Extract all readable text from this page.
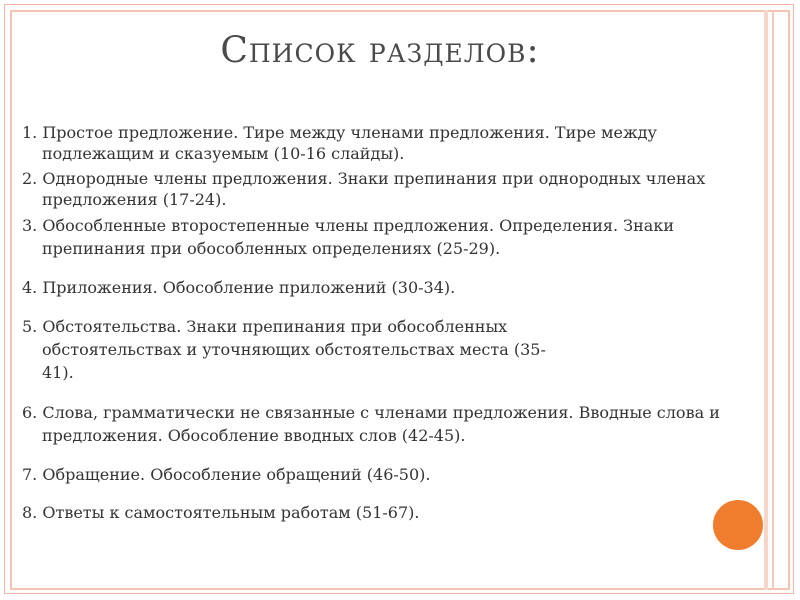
Список разделов:

1. Простое предложение. Тире между членами предложения. Тире между подлежащим и сказуемым (10-16 слайды).

2. Однородные члены предложения. Знаки препинания при однородных членах предложения (17-24).

3. Обособленные второстепенные члены предложения. Определения. Знаки препинания при обособленных определениях (25-29).

4. Приложения. Обособление приложений (30-34).

5. Обстоятельства. Знаки препинания при обособленных обстоятельствах и уточняющих обстоятельствах места (35-41).

6. Слова, грамматически не связанные с членами предложения. Вводные слова и предложения. Обособление вводных слов (42-45).

7. Обращение. Обособление обращений (46-50).

8. Ответы к самостоятельным работам (51-67).
